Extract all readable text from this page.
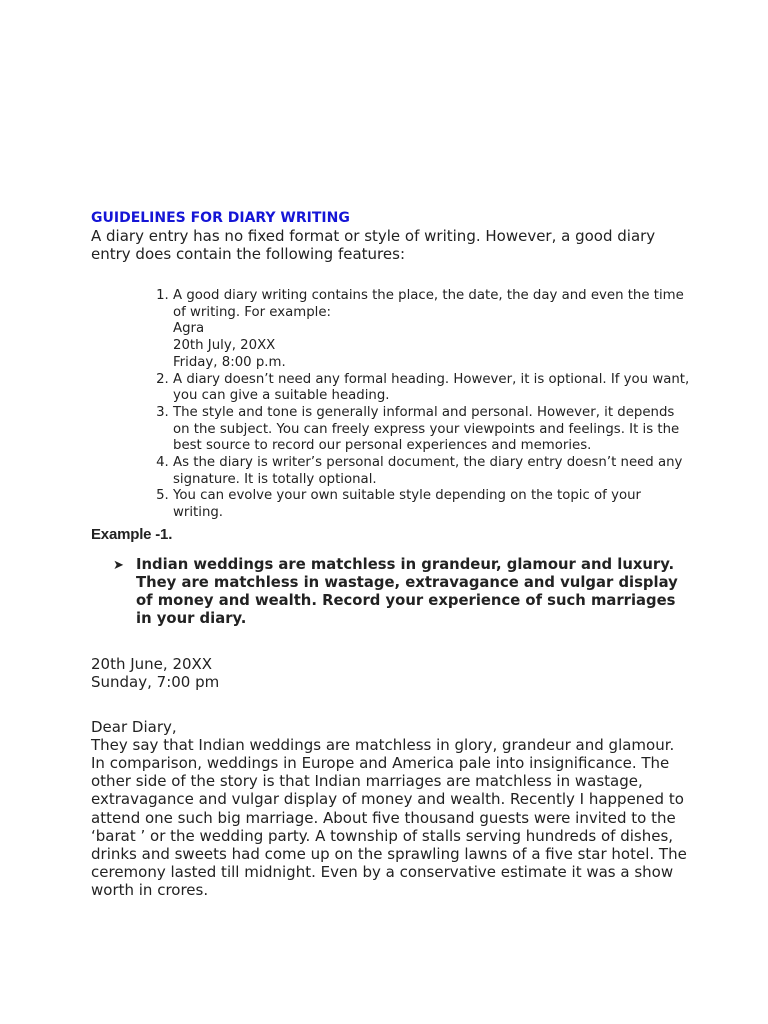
GUIDELINES FOR DIARY WRITING

A diary entry has no fixed format or style of writing. However, a good diary entry does contain the following features:

1. A good diary writing contains the place, the date, the day and even the time of writing. For example:
Agra
20th July, 20XX
Friday, 8:00 p.m.
2. A diary doesn’t need any formal heading. However, it is optional. If you want, you can give a suitable heading.
3. The style and tone is generally informal and personal. However, it depends on the subject. You can freely express your viewpoints and feelings. It is the best source to record our personal experiences and memories.
4. As the diary is writer’s personal document, the diary entry doesn’t need any signature. It is totally optional.
5. You can evolve your own suitable style depending on the topic of your writing.

Example -1.

➤ Indian weddings are matchless in grandeur, glamour and luxury. They are matchless in wastage, extravagance and vulgar display of money and wealth. Record your experience of such marriages in your diary.
20th June, 20XX
Sunday, 7:00 pm
Dear Diary,
They say that Indian weddings are matchless in glory, grandeur and glamour. In comparison, weddings in Europe and America pale into insignificance. The other side of the story is that Indian marriages are matchless in wastage, extravagance and vulgar display of money and wealth. Recently I happened to attend one such big marriage. About five thousand guests were invited to the ‘barat ’ or the wedding party. A township of stalls serving hundreds of dishes, drinks and sweets had come up on the sprawling lawns of a five star hotel. The ceremony lasted till midnight. Even by a conservative estimate it was a show worth in crores.
